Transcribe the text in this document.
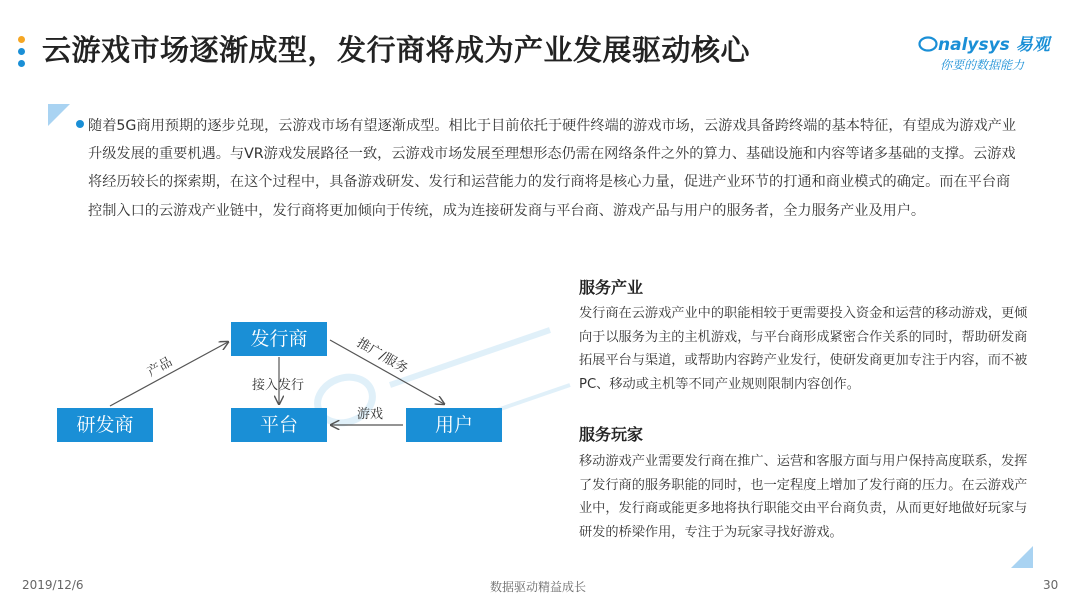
云游戏市场逐渐成型，发行商将成为产业发展驱动核心	nalysys 易观
你要的数据能力
随着5G商用预期的逐步兑现，云游戏市场有望逐渐成型。相比于目前依托于硬件终端的游戏市场，云游戏具备跨终端的基本特征，有望成为游戏产业升级发展的重要机遇。与VR游戏发展路径一致，云游戏市场发展至理想形态仍需在网络条件之外的算力、基础设施和内容等诸多基础的支撑。云游戏将经历较长的探索期，在这个过程中，具备游戏研发、发行和运营能力的发行商将是核心力量，促进产业环节的打通和商业模式的确定。而在平台商控制入口的云游戏产业链中，发行商将更加倾向于传统，成为连接研发商与平台商、游戏产品与用户的服务者，全力服务产业及用户。
发行商
研发商	平台	用户
产品
接入发行
推广/服务
游戏
服务产业
发行商在云游戏产业中的职能相较于更需要投入资金和运营的移动游戏，更倾向于以服务为主的主机游戏，与平台商形成紧密合作关系的同时，帮助研发商拓展平台与渠道，或帮助内容跨产业发行，使研发商更加专注于内容，而不被PC、移动或主机等不同产业规则限制内容创作。
服务玩家
移动游戏产业需要发行商在推广、运营和客服方面与用户保持高度联系，发挥了发行商的服务职能的同时，也一定程度上增加了发行商的压力。在云游戏产业中，发行商或能更多地将执行职能交由平台商负责，从而更好地做好玩家与研发的桥梁作用，专注于为玩家寻找好游戏。
2019/12/6	数据驱动精益成长	30
